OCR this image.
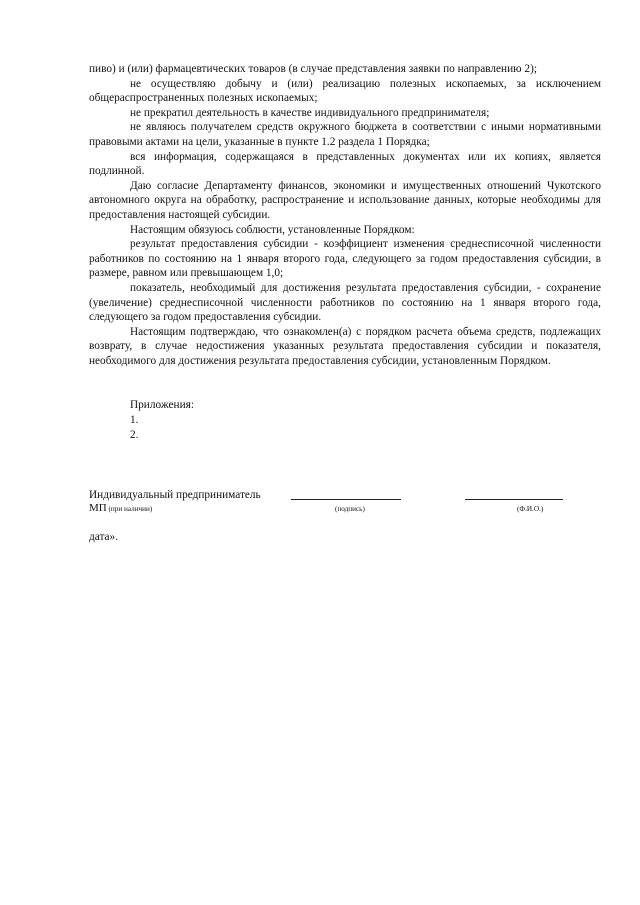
пиво) и (или) фармацевтических товаров (в случае представления заявки по направлению 2);

не осуществляю добычу и (или) реализацию полезных ископаемых, за исключением общераспространенных полезных ископаемых;

не прекратил деятельность в качестве индивидуального предпринимателя;

не являюсь получателем средств окружного бюджета в соответствии с иными нормативными правовыми актами на цели, указанные в пункте 1.2 раздела 1 Порядка;

вся информация, содержащаяся в представленных документах или их копиях, является подлинной.

Даю согласие Департаменту финансов, экономики и имущественных отношений Чукотского автономного округа на обработку, распространение и использование данных, которые необходимы для предоставления настоящей субсидии.

Настоящим обязуюсь соблюсти, установленные Порядком:

результат предоставления субсидии - коэффициент изменения среднесписочной численности работников по состоянию на 1 января второго года, следующего за годом предоставления субсидии, в размере, равном или превышающем 1,0;

показатель, необходимый для достижения результата предоставления субсидии, - сохранение (увеличение) среднесписочной численности работников по состоянию на 1 января второго года, следующего за годом предоставления субсидии.

Настоящим подтверждаю, что ознакомлен(а) с порядком расчета объема средств, подлежащих возврату, в случае недостижения указанных результата предоставления субсидии и показателя, необходимого для достижения результата предоставления субсидии, установленным Порядком.

Приложения:
1.
2.
Индивидуальный предприниматель
МП (при наличии)	(подпись)	(Ф.И.О.)
дата».
